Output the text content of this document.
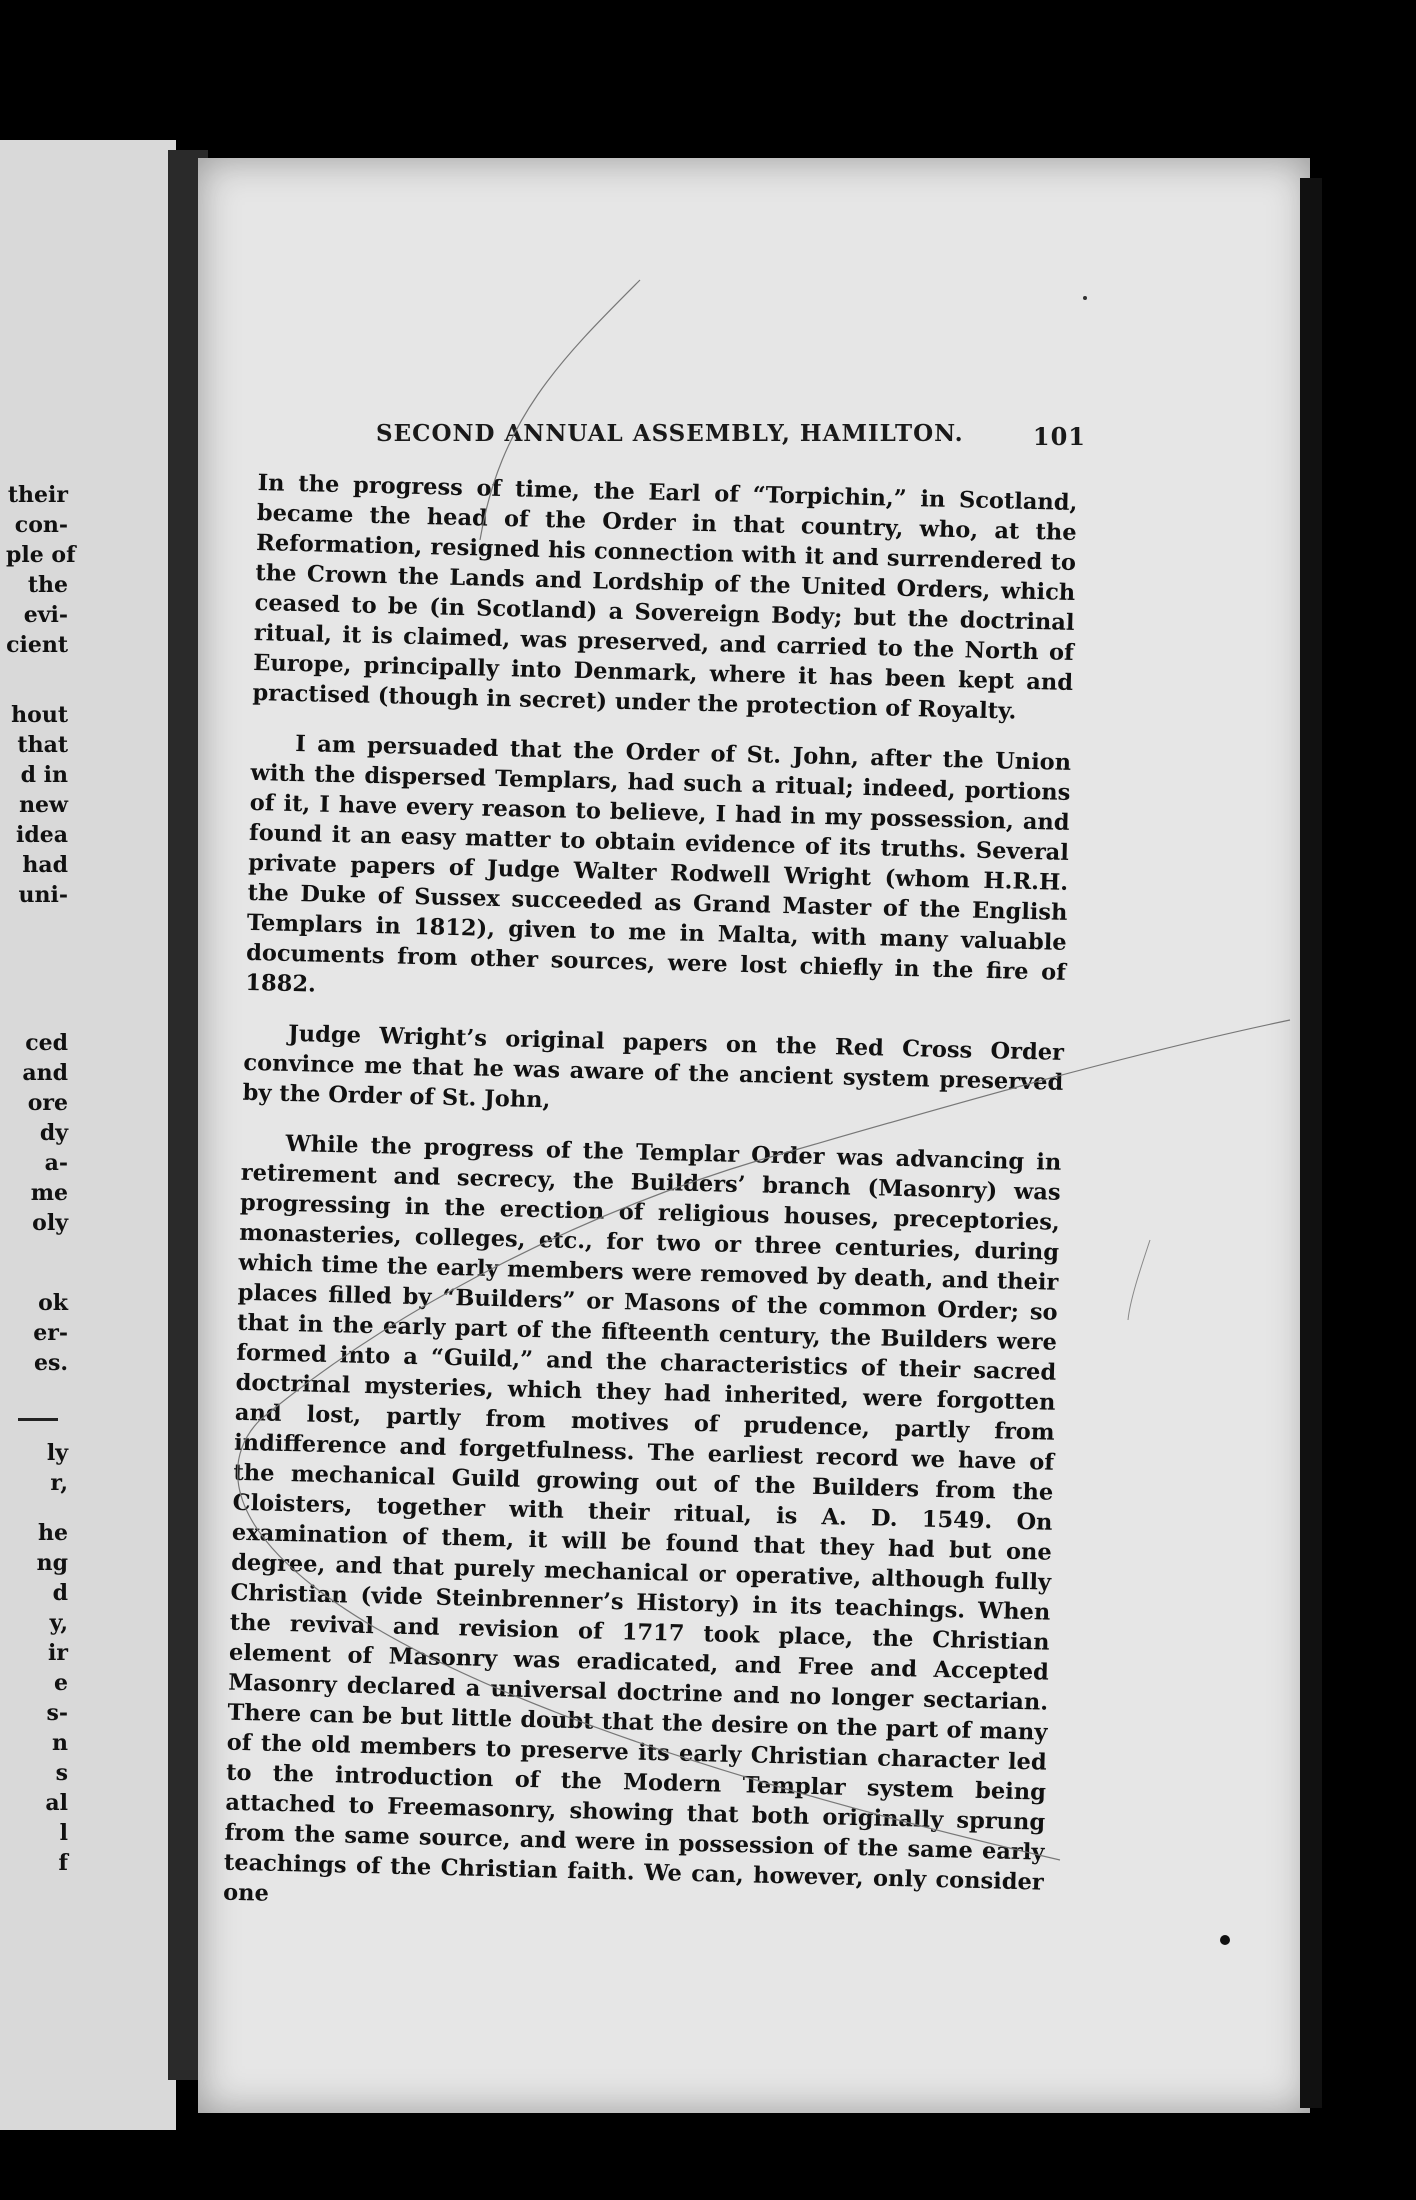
their
con-
ple of
the
evi-
cient
hout
that
d in
new
idea
had
uni-
ced
and
ore
dy
a-
me
oly
ok
er-
es.
ly
r,
he
ng
d
y,
ir
e
s-
n
s
al
l
f
SECOND ANNUAL ASSEMBLY, HAMILTON.	101

In the progress of time, the Earl of “Torpichin,” in Scotland, became the head of the Order in that country, who, at the Reformation, resigned his connection with it and surrendered to the Crown the Lands and Lordship of the United Orders, which ceased to be (in Scotland) a Sovereign Body; but the doctrinal ritual, it is claimed, was preserved, and carried to the North of Europe, principally into Denmark, where it has been kept and practised (though in secret) under the protection of Royalty.

I am persuaded that the Order of St. John, after the Union with the dispersed Templars, had such a ritual; indeed, portions of it, I have every reason to believe, I had in my possession, and found it an easy matter to obtain evidence of its truths. Several private papers of Judge Walter Rodwell Wright (whom H.R.H. the Duke of Sussex succeeded as Grand Master of the English Templars in 1812), given to me in Malta, with many valuable documents from other sources, were lost chiefly in the fire of 1882.

Judge Wright’s original papers on the Red Cross Order convince me that he was aware of the ancient system preserved by the Order of St. John,

While the progress of the Templar Order was advancing in retirement and secrecy, the Builders’ branch (Masonry) was progressing in the erection of religious houses, preceptories, monasteries, colleges, etc., for two or three centuries, during which time the early members were removed by death, and their places filled by “Builders” or Masons of the common Order; so that in the early part of the fifteenth century, the Builders were formed into a “Guild,” and the characteristics of their sacred doctrinal mysteries, which they had inherited, were forgotten and lost, partly from motives of prudence, partly from indifference and forgetfulness. The earliest record we have of the mechanical Guild growing out of the Builders from the Cloisters, together with their ritual, is A. D. 1549. On examination of them, it will be found that they had but one degree, and that purely mechanical or operative, although fully Christian (vide Steinbrenner’s History) in its teachings. When the revival and revision of 1717 took place, the Christian element of Masonry was eradicated, and Free and Accepted Masonry declared a universal doctrine and no longer sectarian. There can be but little doubt that the desire on the part of many of the old members to preserve its early Christian character led to the introduction of the Modern Templar system being attached to Freemasonry, showing that both originally sprung from the same source, and were in possession of the same early teachings of the Christian faith. We can, however, only consider one
